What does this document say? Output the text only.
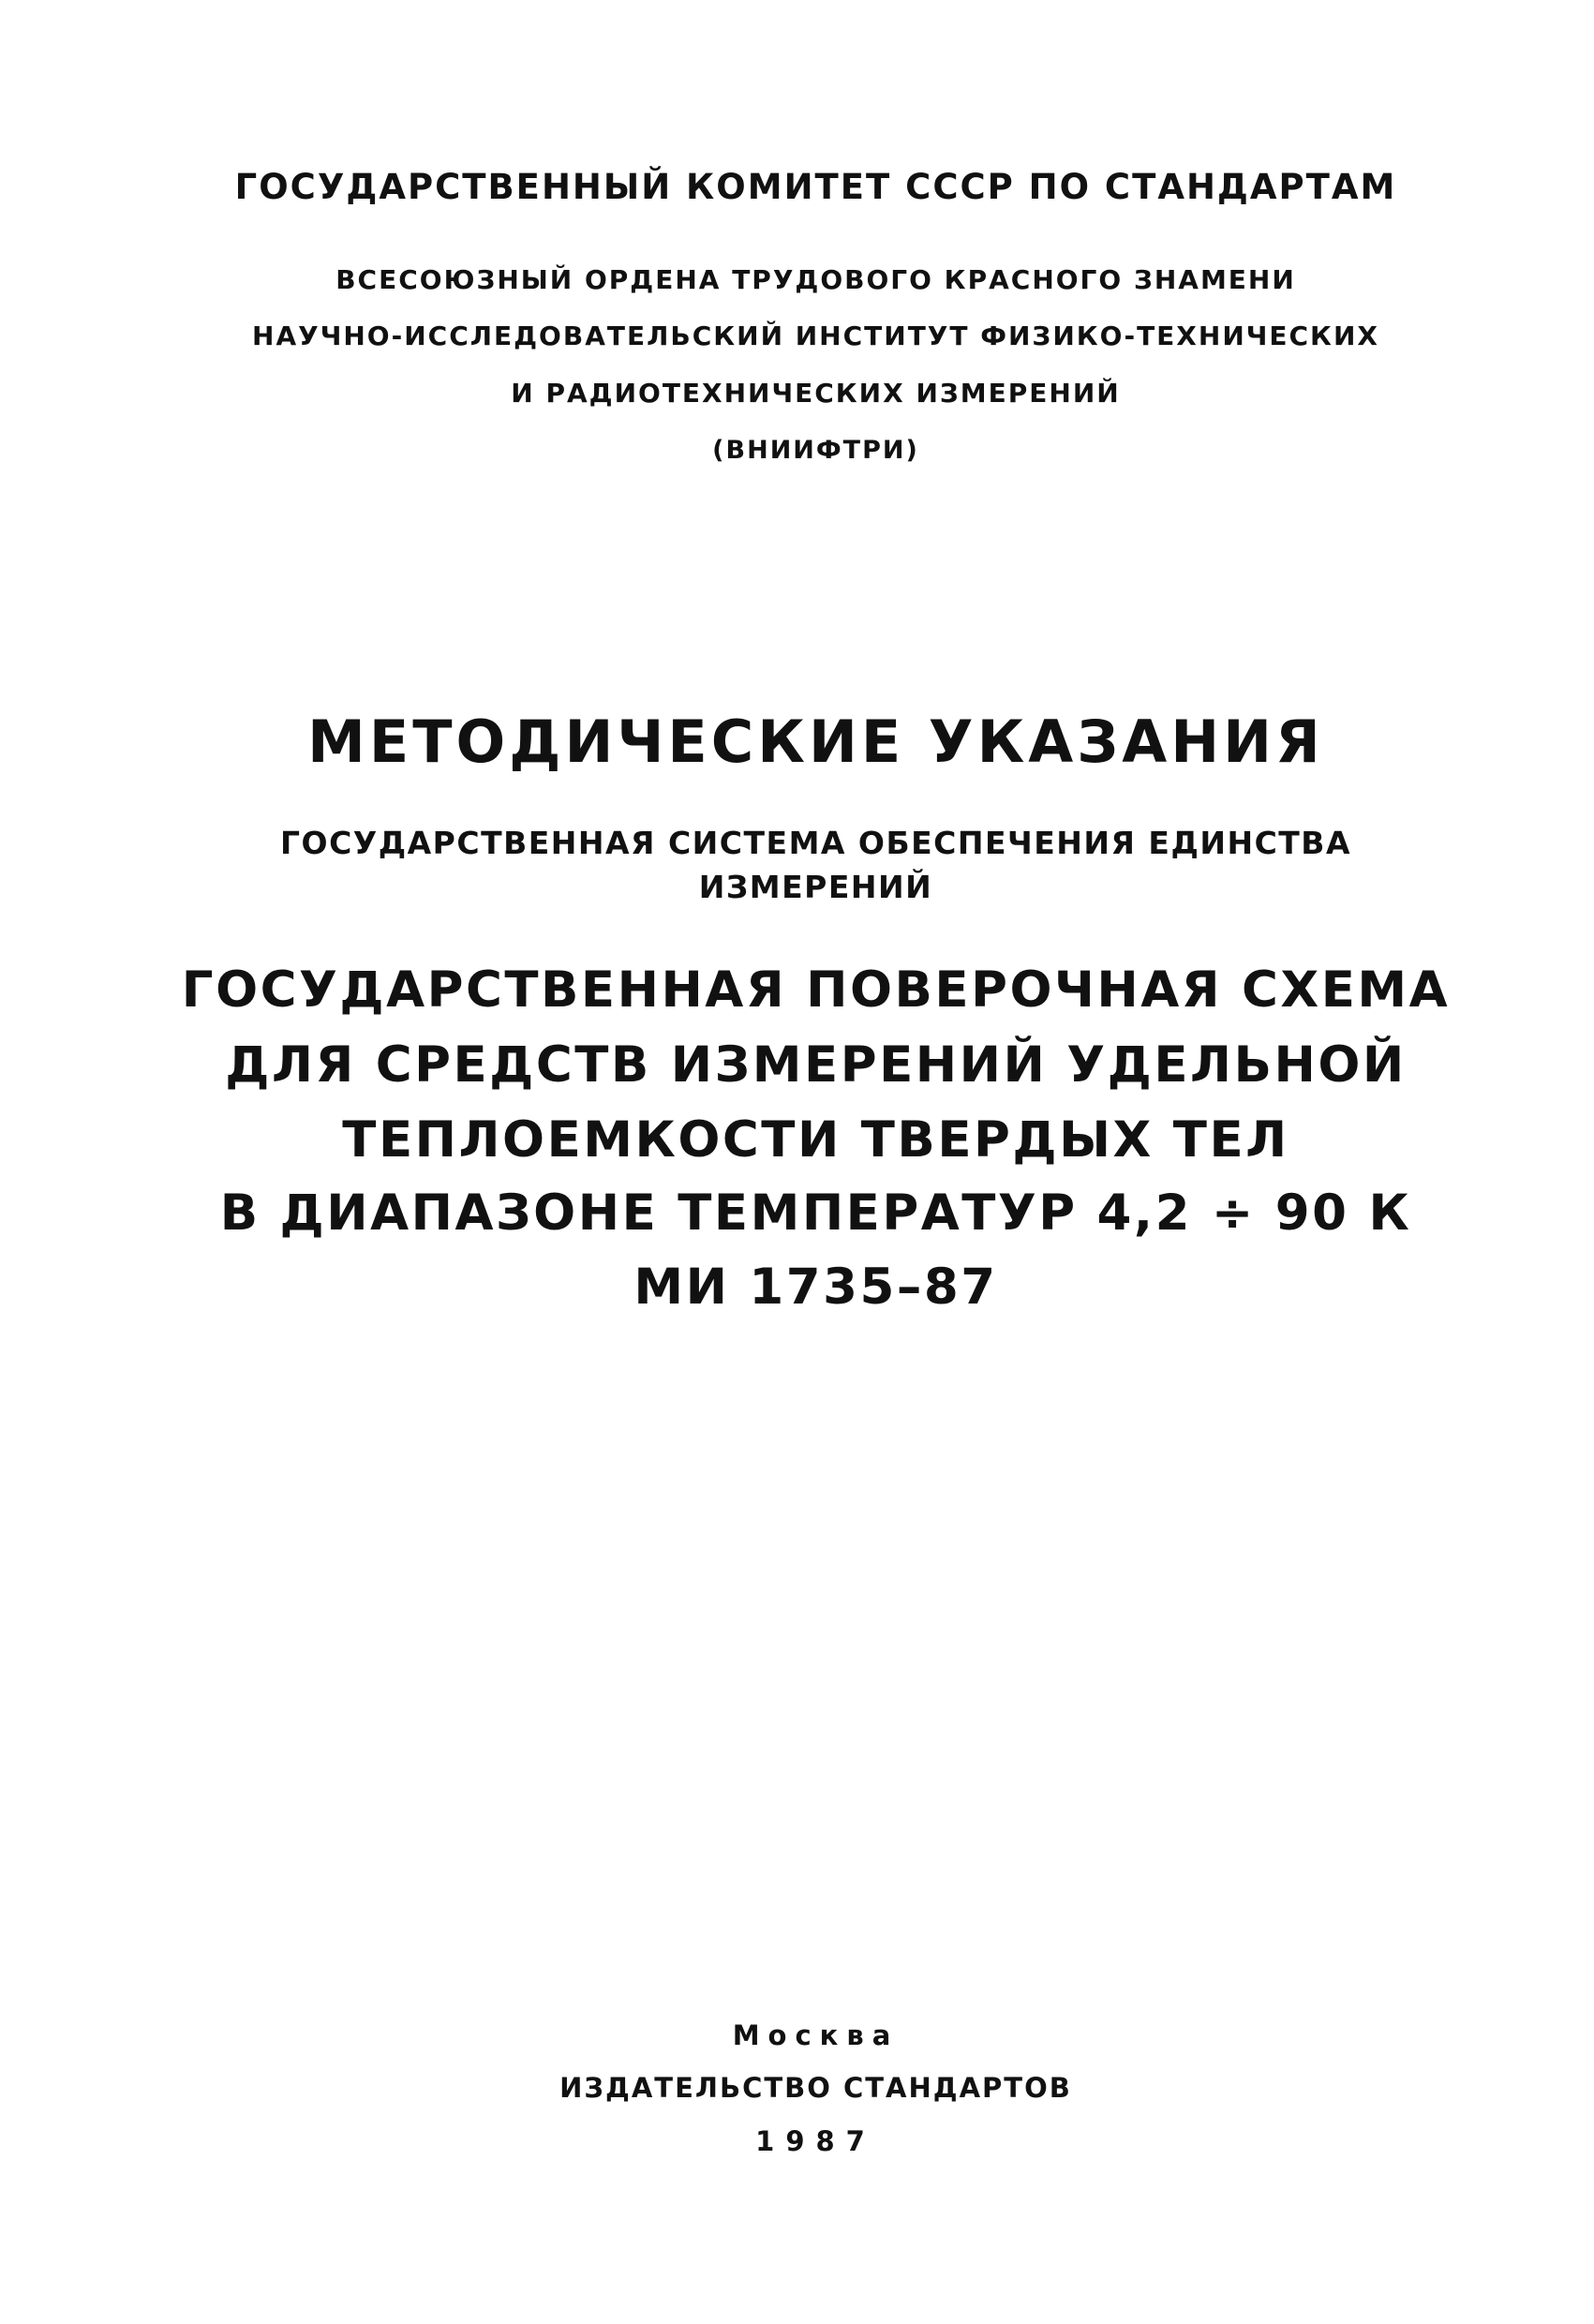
ГОСУДАРСТВЕННЫЙ КОМИТЕТ СССР ПО СТАНДАРТАМ
ВСЕСОЮЗНЫЙ ОРДЕНА ТРУДОВОГО КРАСНОГО ЗНАМЕНИ
НАУЧНО-ИССЛЕДОВАТЕЛЬСКИЙ ИНСТИТУТ ФИЗИКО-ТЕХНИЧЕСКИХ
И РАДИОТЕХНИЧЕСКИХ ИЗМЕРЕНИЙ
(ВНИИФТРИ)
МЕТОДИЧЕСКИЕ УКАЗАНИЯ
ГОСУДАРСТВЕННАЯ СИСТЕМА ОБЕСПЕЧЕНИЯ ЕДИНСТВА
ИЗМЕРЕНИЙ
ГОСУДАРСТВЕННАЯ ПОВЕРОЧНАЯ СХЕМА
ДЛЯ СРЕДСТВ ИЗМЕРЕНИЙ УДЕЛЬНОЙ
ТЕПЛОЕМКОСТИ ТВЕРДЫХ ТЕЛ
В ДИАПАЗОНЕ ТЕМПЕРАТУР 4,2 ÷ 90 К
МИ 1735–87
Москва
ИЗДАТЕЛЬСТВО СТАНДАРТОВ
1987
